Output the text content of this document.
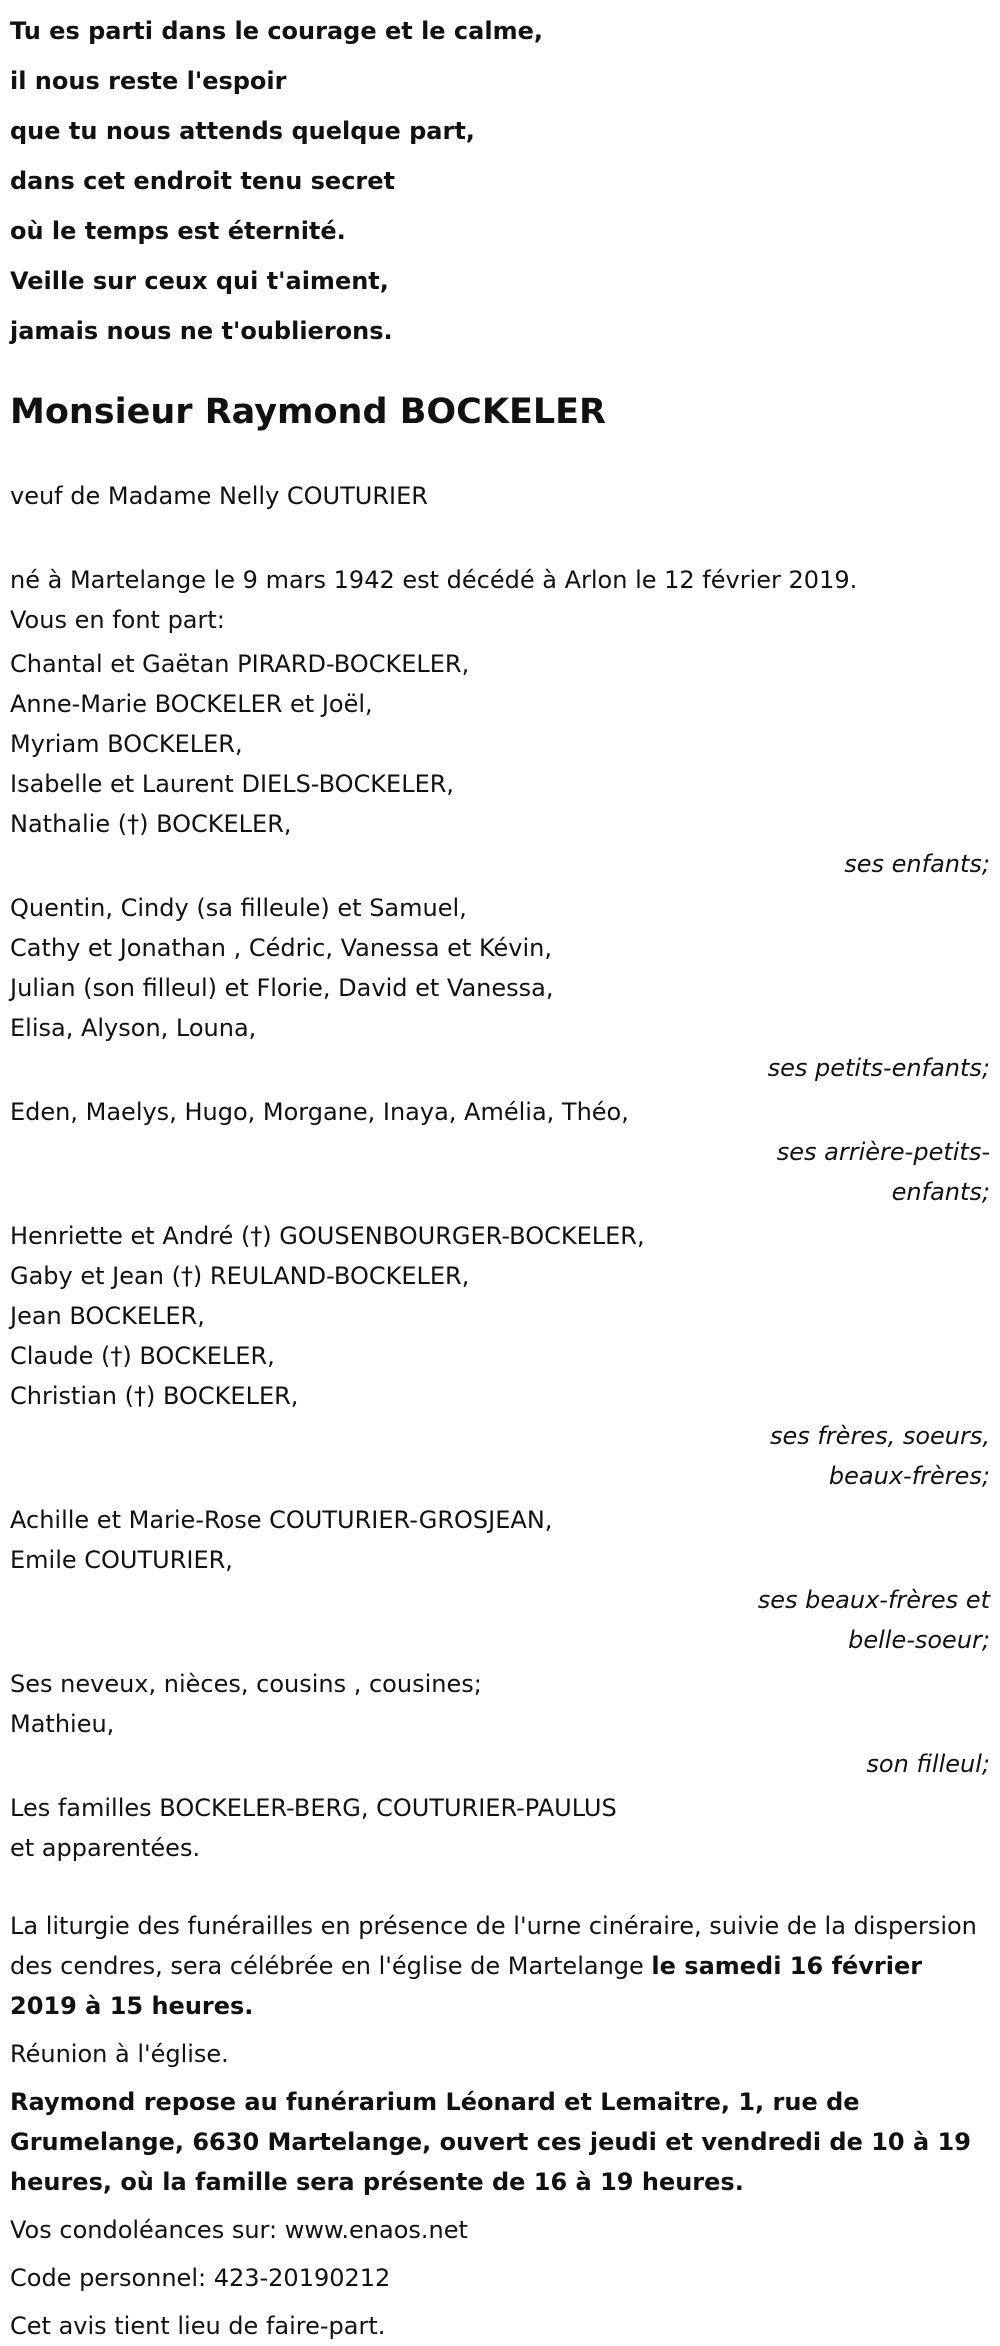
Tu es parti dans le courage et le calme,
il nous reste l'espoir
que tu nous attends quelque part,
dans cet endroit tenu secret
où le temps est éternité.
Veille sur ceux qui t'aiment,
jamais nous ne t'oublierons.
Monsieur Raymond BOCKELER
veuf de Madame Nelly COUTURIER
né à Martelange le 9 mars 1942 est décédé à Arlon le 12 février 2019.
Vous en font part:
Chantal et Gaëtan PIRARD-BOCKELER,
Anne-Marie BOCKELER et Joël,
Myriam BOCKELER,
Isabelle et Laurent DIELS-BOCKELER,
Nathalie (†) BOCKELER,
ses enfants;
Quentin, Cindy (sa filleule) et Samuel,
Cathy et Jonathan , Cédric, Vanessa et Kévin,
Julian (son filleul) et Florie, David et Vanessa,
Elisa, Alyson, Louna,
ses petits-enfants;
Eden, Maelys, Hugo, Morgane, Inaya, Amélia, Théo,
ses arrière-petits-
enfants;
Henriette et André (†) GOUSENBOURGER-BOCKELER,
Gaby et Jean (†) REULAND-BOCKELER,
Jean BOCKELER,
Claude (†) BOCKELER,
Christian (†) BOCKELER,
ses frères, soeurs,
beaux-frères;
Achille et Marie-Rose COUTURIER-GROSJEAN,
Emile COUTURIER,
ses beaux-frères et
belle-soeur;
Ses neveux, nièces, cousins , cousines;
Mathieu,
son filleul;
Les familles BOCKELER-BERG, COUTURIER-PAULUS
et apparentées.
La liturgie des funérailles en présence de l'urne cinéraire, suivie de la dispersion des cendres, sera célébrée en l'église de Martelange le samedi 16 février 2019 à 15 heures.
Réunion à l'église.
Raymond repose au funérarium Léonard et Lemaitre, 1, rue de Grumelange, 6630 Martelange, ouvert ces jeudi et vendredi de 10 à 19 heures, où la famille sera présente de 16 à 19 heures.
Vos condoléances sur: www.enaos.net
Code personnel: 423-20190212
Cet avis tient lieu de faire-part.
